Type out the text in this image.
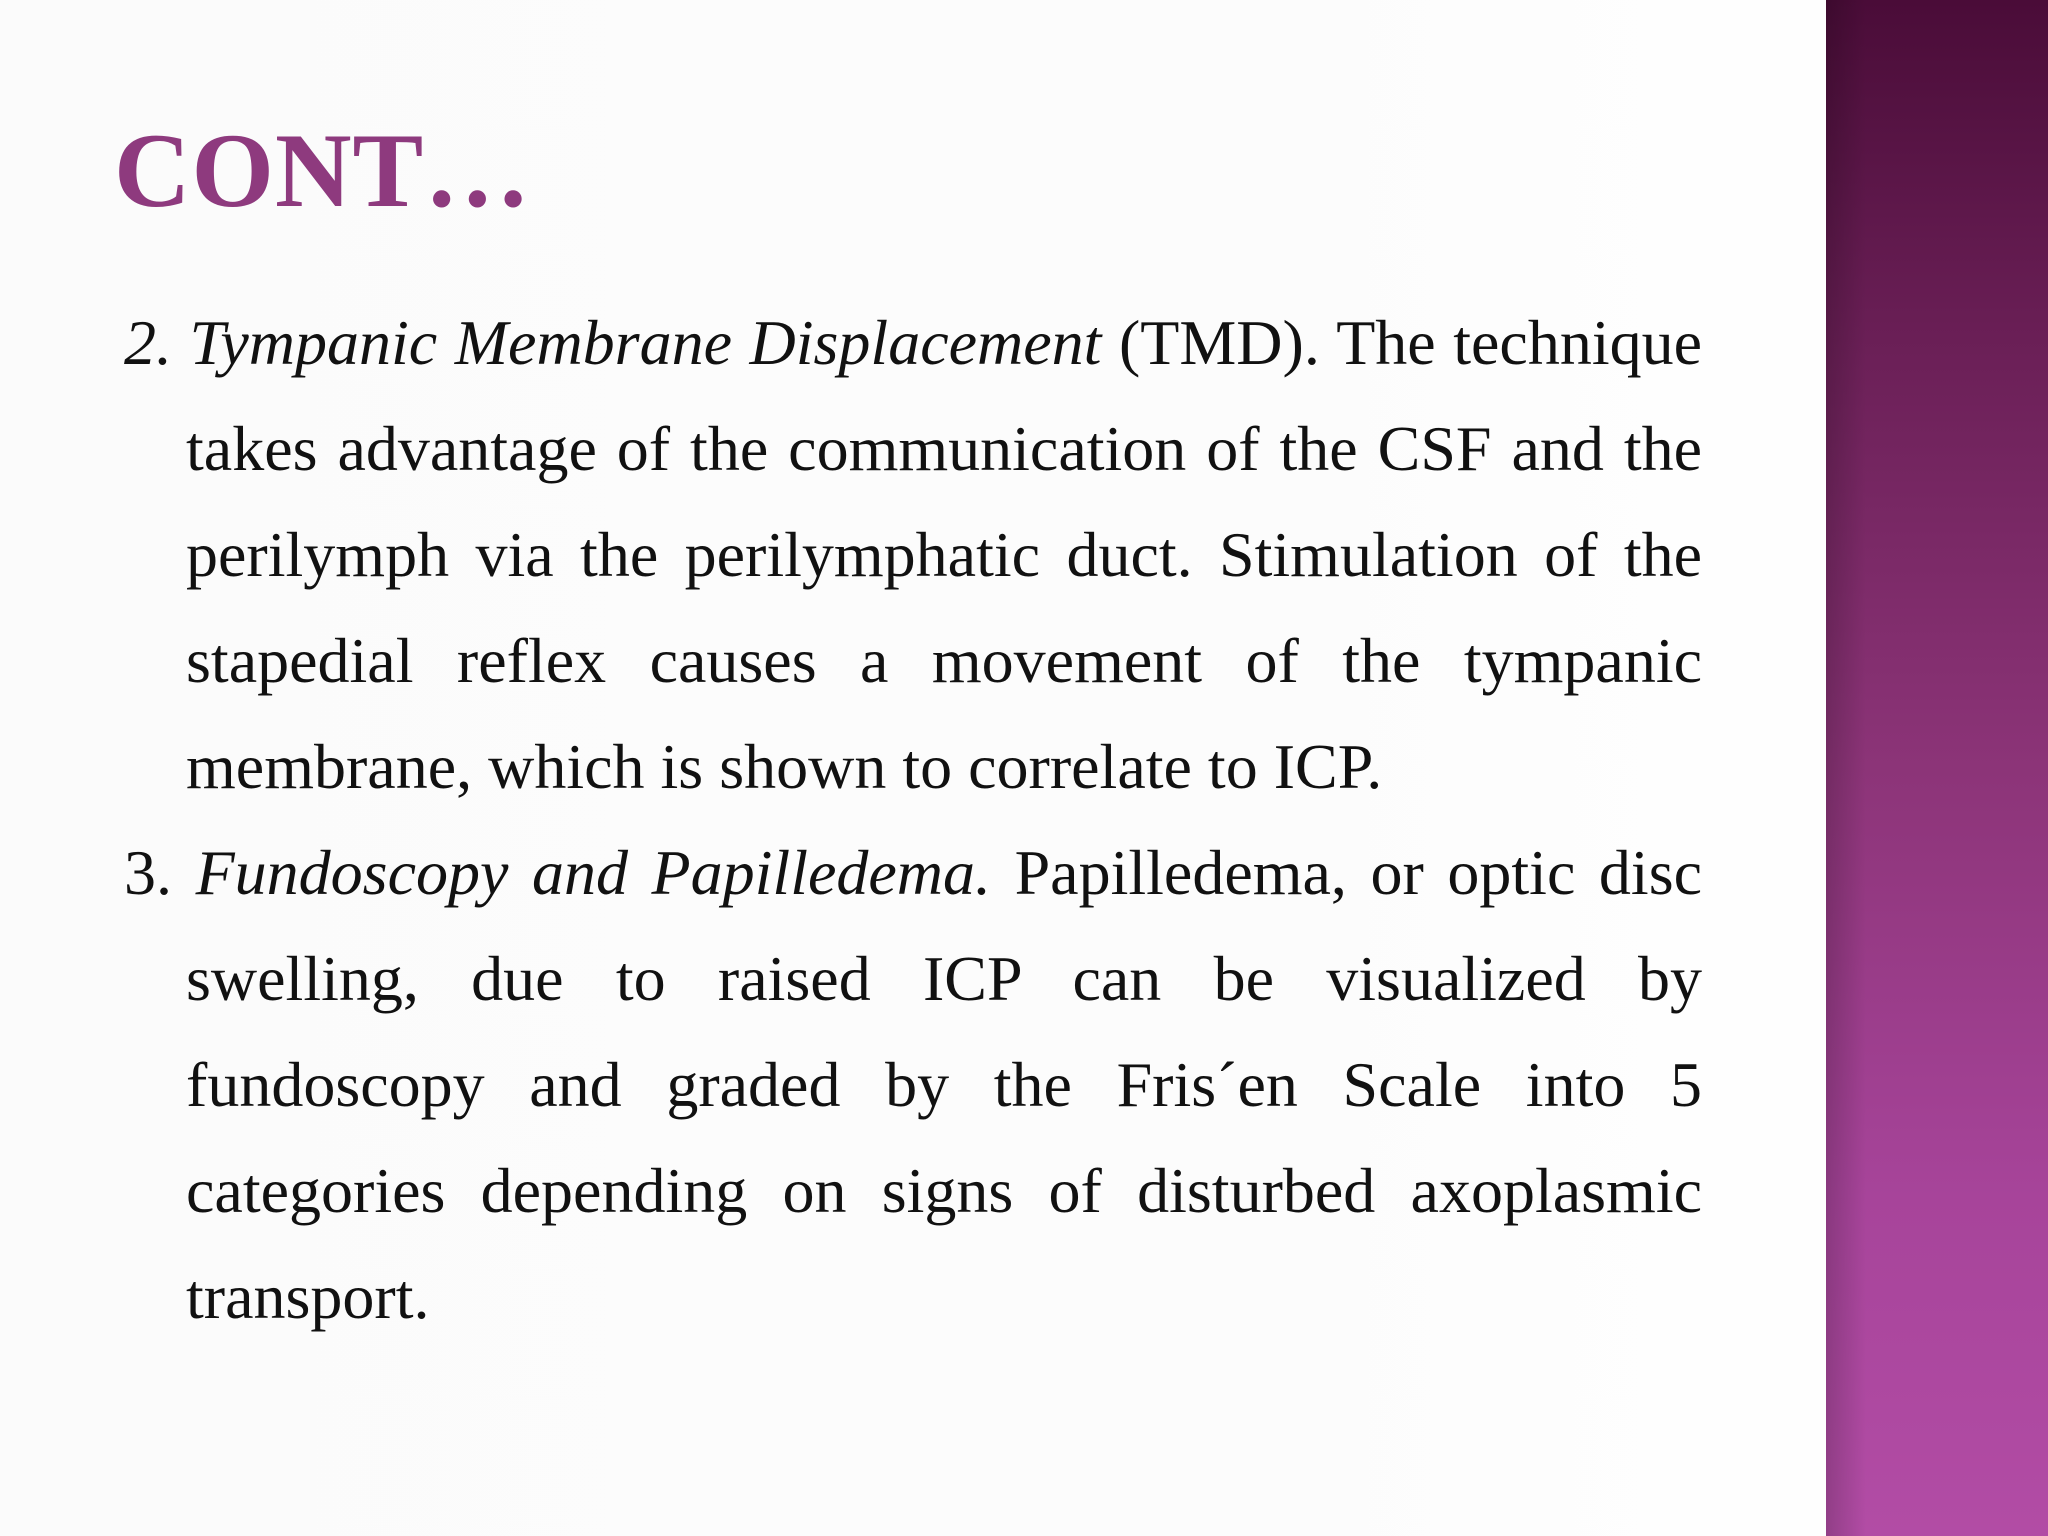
CONT…

2. Tympanic Membrane Displacement (TMD). The technique takes advantage of the communication of the CSF and the perilymph via the perilymphatic duct. Stimulation of the stapedial reflex causes a movement of the tympanic membrane, which is shown to correlate to ICP.

3. Fundoscopy and Papilledema. Papilledema, or optic disc swelling, due to raised ICP can be visualized by fundoscopy and graded by the Fris´en Scale into 5 categories depending on signs of disturbed axoplasmic transport.
